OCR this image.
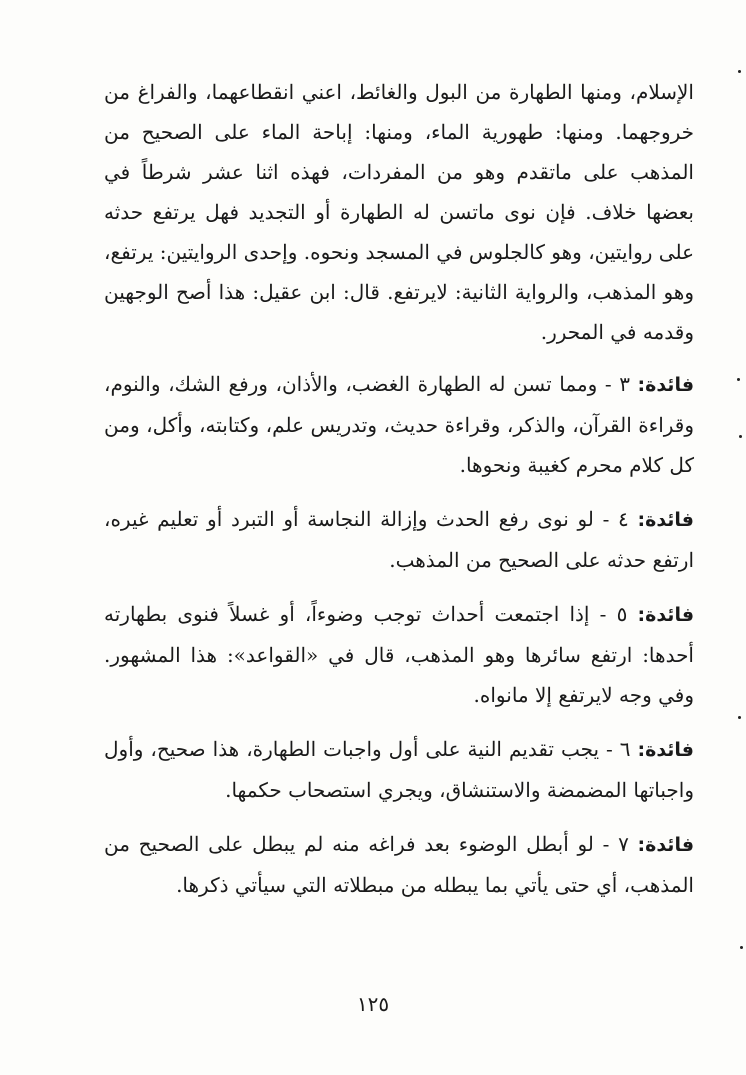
الإسلام، ومنها الطهارة من البول والغائط، اعني انقطاعهما، والفراغ من خروجهما. ومنها: طهورية الماء، ومنها: إباحة الماء على الصحيح من المذهب على ماتقدم وهو من المفردات، فهذه اثنا عشر شرطاً في بعضها خلاف. فإن نوى ماتسن له الطهارة أو التجديد فهل يرتفع حدثه على روايتين، وهو كالجلوس في المسجد ونحوه. وإحدى الروايتين: يرتفع، وهو المذهب، والرواية الثانية: لايرتفع. قال: ابن عقيل: هذا أصح الوجهين وقدمه في المحرر.

فائدة: ٣ - ومما تسن له الطهارة الغضب، والأذان، ورفع الشك، والنوم، وقراءة القرآن، والذكر، وقراءة حديث، وتدريس علم، وكتابته، وأكل، ومن كل كلام محرم كغيبة ونحوها.

فائدة: ٤ - لو نوى رفع الحدث وإزالة النجاسة أو التبرد أو تعليم غيره، ارتفع حدثه على الصحيح من المذهب.

فائدة: ٥ - إذا اجتمعت أحداث توجب وضوءاً، أو غسلاً فنوى بطهارته أحدها: ارتفع سائرها وهو المذهب، قال في «القواعد»: هذا المشهور. وفي وجه لايرتفع إلا مانواه.

فائدة: ٦ - يجب تقديم النية على أول واجبات الطهارة، هذا صحيح، وأول واجباتها المضمضة والاستنشاق، ويجري استصحاب حكمها.

فائدة: ٧ - لو أبطل الوضوء بعد فراغه منه لم يبطل على الصحيح من المذهب، أي حتى يأتي بما يبطله من مبطلاته التي سيأتي ذكرها.

١٢٥
